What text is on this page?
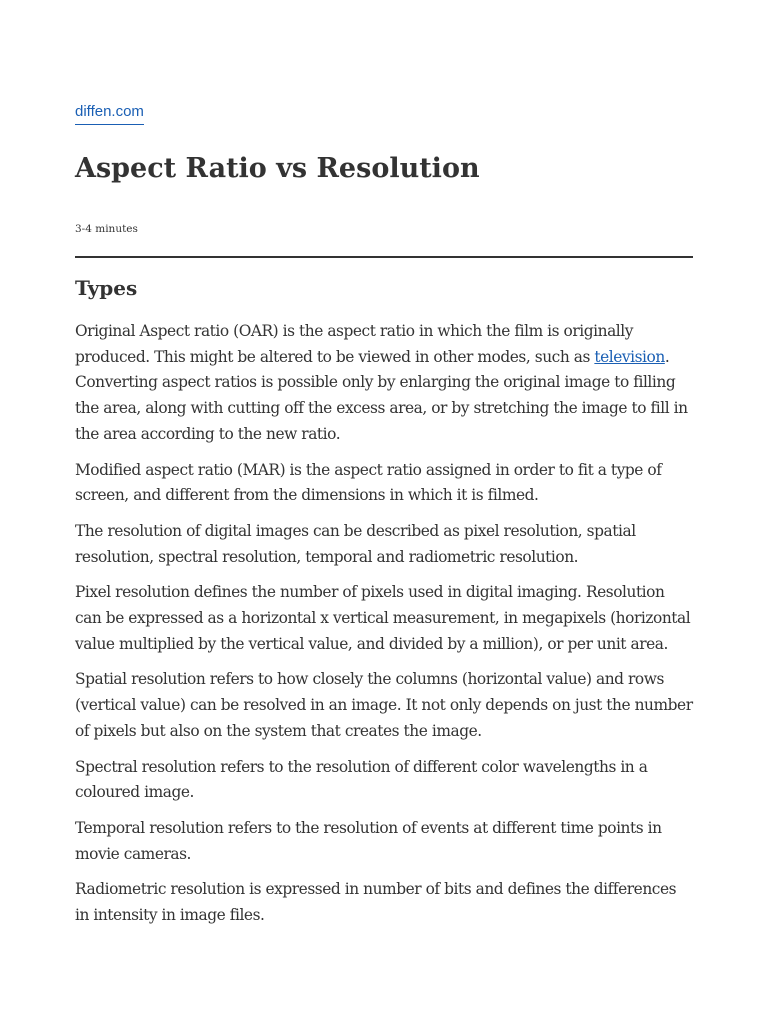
diffen.com
Aspect Ratio vs Resolution
3-4 minutes
Types

Original Aspect ratio (OAR) is the aspect ratio in which the film is originally produced. This might be altered to be viewed in other modes, such as television. Converting aspect ratios is possible only by enlarging the original image to filling the area, along with cutting off the excess area, or by stretching the image to fill in the area according to the new ratio.

Modified aspect ratio (MAR) is the aspect ratio assigned in order to fit a type of screen, and different from the dimensions in which it is filmed.

The resolution of digital images can be described as pixel resolution, spatial resolution, spectral resolution, temporal and radiometric resolution.

Pixel resolution defines the number of pixels used in digital imaging. Resolution can be expressed as a horizontal x vertical measurement, in megapixels (horizontal value multiplied by the vertical value, and divided by a million), or per unit area.

Spatial resolution refers to how closely the columns (horizontal value) and rows (vertical value) can be resolved in an image. It not only depends on just the number of pixels but also on the system that creates the image.

Spectral resolution refers to the resolution of different color wavelengths in a coloured image.

Temporal resolution refers to the resolution of events at different time points in movie cameras.

Radiometric resolution is expressed in number of bits and defines the differences in intensity in image files.
